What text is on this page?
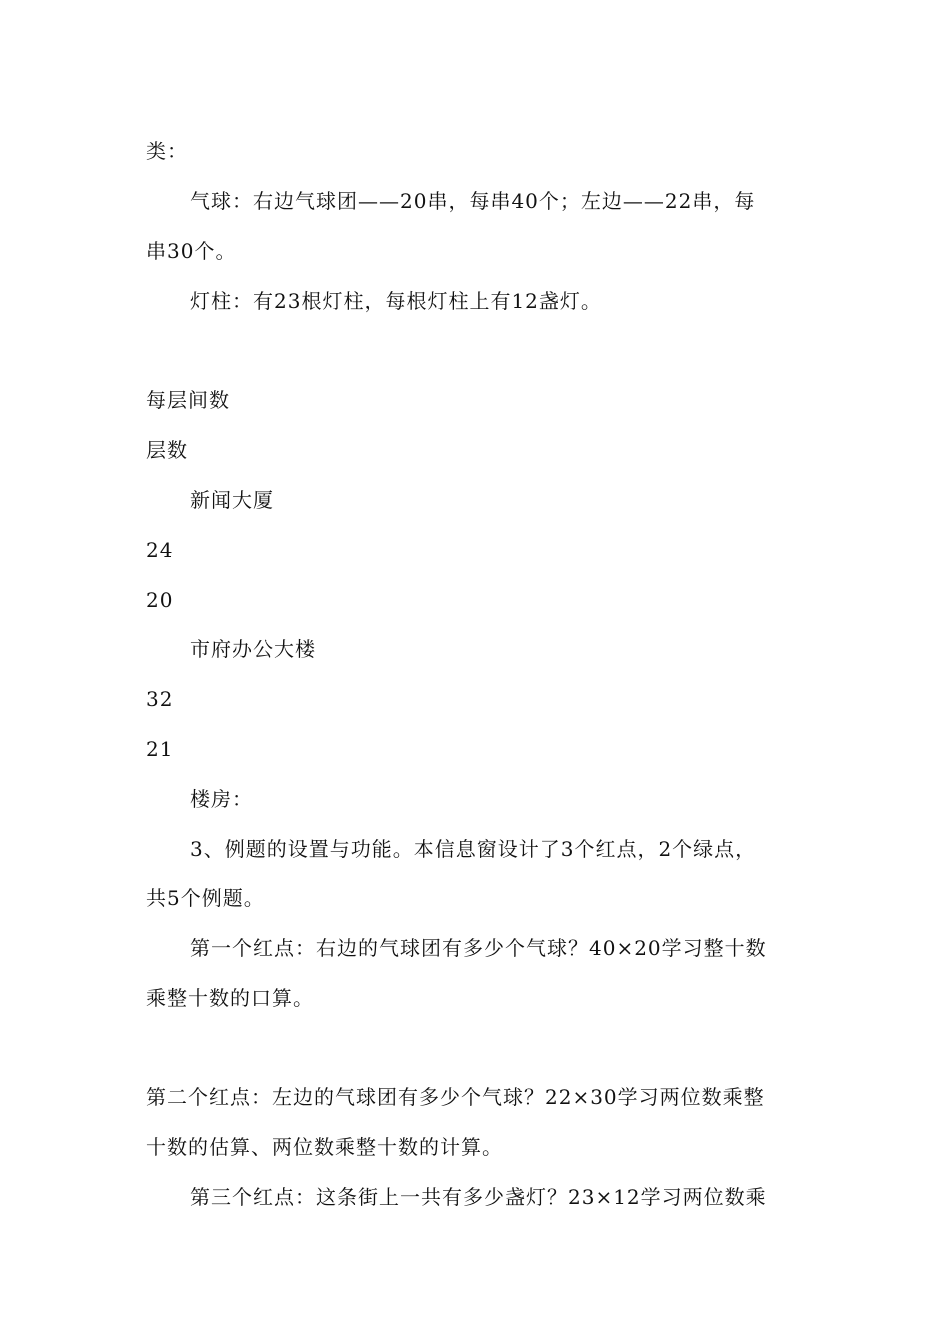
类：
气球：右边气球团——20串，每串40个；左边——22串，每
串30个。
灯柱：有23根灯柱，每根灯柱上有12盏灯。
每层间数
层数
新闻大厦
24
20
市府办公大楼
32
21
楼房：
3、例题的设置与功能。本信息窗设计了3个红点，2个绿点，
共5个例题。
第一个红点：右边的气球团有多少个气球？40×20学习整十数
乘整十数的口算。
第二个红点：左边的气球团有多少个气球？22×30学习两位数乘整
十数的估算、两位数乘整十数的计算。
第三个红点：这条街上一共有多少盏灯？23×12学习两位数乘
